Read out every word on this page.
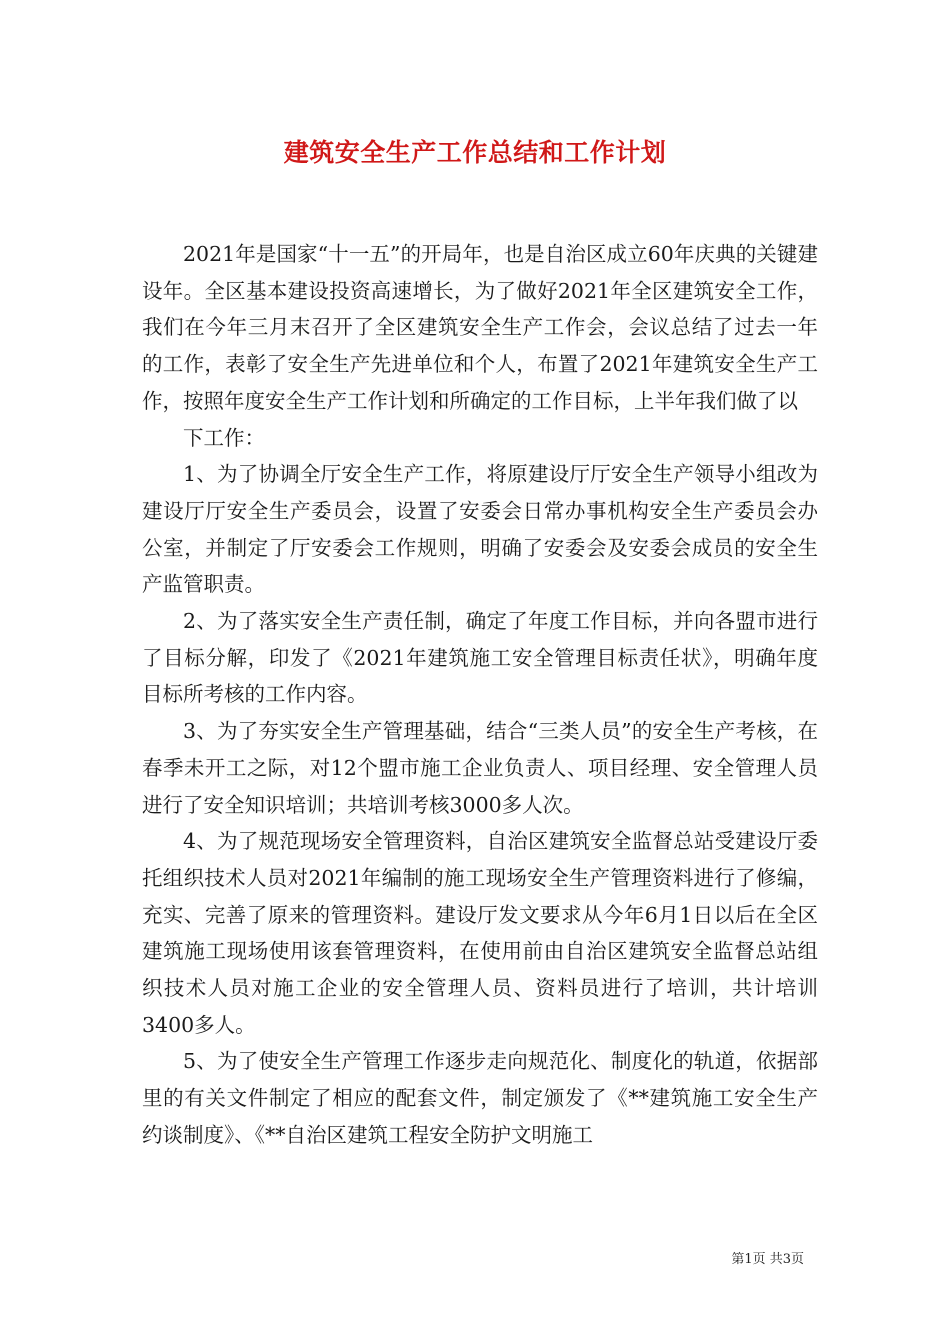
建筑安全生产工作总结和工作计划

2021年是国家“十一五”的开局年，也是自治区成立60年庆典的关键建设年。全区基本建设投资高速增长，为了做好2021年全区建筑安全工作，我们在今年三月末召开了全区建筑安全生产工作会，会议总结了过去一年的工作，表彰了安全生产先进单位和个人，布置了2021年建筑安全生产工作，按照年度安全生产工作计划和所确定的工作目标，上半年我们做了以

下工作：

1、为了协调全厅安全生产工作，将原建设厅厅安全生产领导小组改为建设厅厅安全生产委员会，设置了安委会日常办事机构安全生产委员会办公室，并制定了厅安委会工作规则，明确了安委会及安委会成员的安全生产监管职责。

2、为了落实安全生产责任制，确定了年度工作目标，并向各盟市进行了目标分解，印发了《2021年建筑施工安全管理目标责任状》，明确年度目标所考核的工作内容。

3、为了夯实安全生产管理基础，结合“三类人员”的安全生产考核，在春季未开工之际，对12个盟市施工企业负责人、项目经理、安全管理人员进行了安全知识培训；共培训考核3000多人次。

4、为了规范现场安全管理资料，自治区建筑安全监督总站受建设厅委托组织技术人员对2021年编制的施工现场安全生产管理资料进行了修编，充实、完善了原来的管理资料。建设厅发文要求从今年6月1日以后在全区建筑施工现场使用该套管理资料，在使用前由自治区建筑安全监督总站组织技术人员对施工企业的安全管理人员、资料员进行了培训，共计培训3400多人。

5、为了使安全生产管理工作逐步走向规范化、制度化的轨道，依据部里的有关文件制定了相应的配套文件，制定颁发了《**建筑施工安全生产约谈制度》、《**自治区建筑工程安全防护文明施工

第1页 共3页
